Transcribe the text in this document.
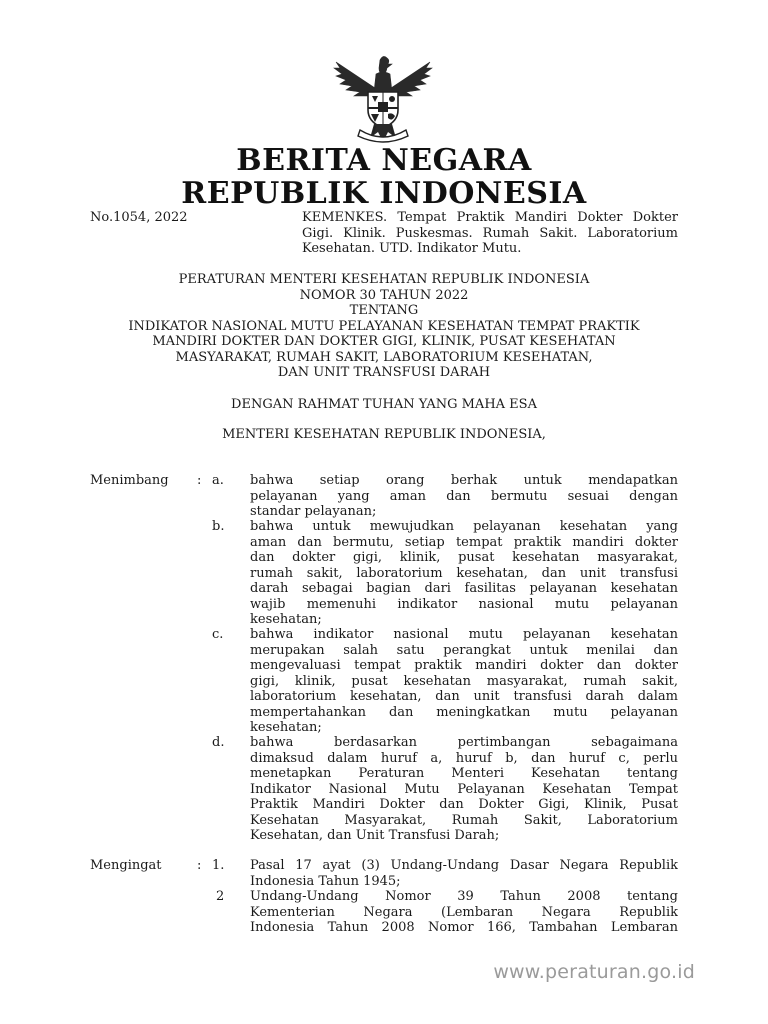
BERITA NEGARA
REPUBLIK INDONESIA
No.1054, 2022	KEMENKES. Tempat Praktik Mandiri Dokter Dokter Gigi. Klinik. Puskesmas. Rumah Sakit. Laboratorium Kesehatan. UTD. Indikator Mutu.
PERATURAN MENTERI KESEHATAN REPUBLIK INDONESIA
NOMOR 30 TAHUN 2022
TENTANG
INDIKATOR NASIONAL MUTU PELAYANAN KESEHATAN TEMPAT PRAKTIK
MANDIRI DOKTER DAN DOKTER GIGI, KLINIK, PUSAT KESEHATAN
MASYARAKAT, RUMAH SAKIT, LABORATORIUM KESEHATAN,
DAN UNIT TRANSFUSI DARAH
DENGAN RAHMAT TUHAN YANG MAHA ESA
MENTERI KESEHATAN REPUBLIK INDONESIA,
Menimbang : a. bahwa setiap orang berhak untuk mendapatkan
pelayanan yang aman dan bermutu sesuai dengan
standar pelayanan;
b. bahwa untuk mewujudkan pelayanan kesehatan yang
aman dan bermutu, setiap tempat praktik mandiri dokter
dan dokter gigi, klinik, pusat kesehatan masyarakat,
rumah sakit, laboratorium kesehatan, dan unit transfusi
darah sebagai bagian dari fasilitas pelayanan kesehatan
wajib memenuhi indikator nasional mutu pelayanan
kesehatan;
c. bahwa indikator nasional mutu pelayanan kesehatan
merupakan salah satu perangkat untuk menilai dan
mengevaluasi tempat praktik mandiri dokter dan dokter
gigi, klinik, pusat kesehatan masyarakat, rumah sakit,
laboratorium kesehatan, dan unit transfusi darah dalam
mempertahankan dan meningkatkan mutu pelayanan
kesehatan;
d. bahwa berdasarkan pertimbangan sebagaimana
dimaksud dalam huruf a, huruf b, dan huruf c, perlu
menetapkan Peraturan Menteri Kesehatan tentang
Indikator Nasional Mutu Pelayanan Kesehatan Tempat
Praktik Mandiri Dokter dan Dokter Gigi, Klinik, Pusat
Kesehatan Masyarakat, Rumah Sakit, Laboratorium
Kesehatan, dan Unit Transfusi Darah;
Mengingat	: 1. Pasal 17 ayat (3) Undang-Undang Dasar Negara Republik
Indonesia Tahun 1945;
2 Undang-Undang Nomor 39 Tahun 2008 tentang
Kementerian Negara (Lembaran Negara Republik
Indonesia Tahun 2008 Nomor 166, Tambahan Lembaran
www.peraturan.go.id
